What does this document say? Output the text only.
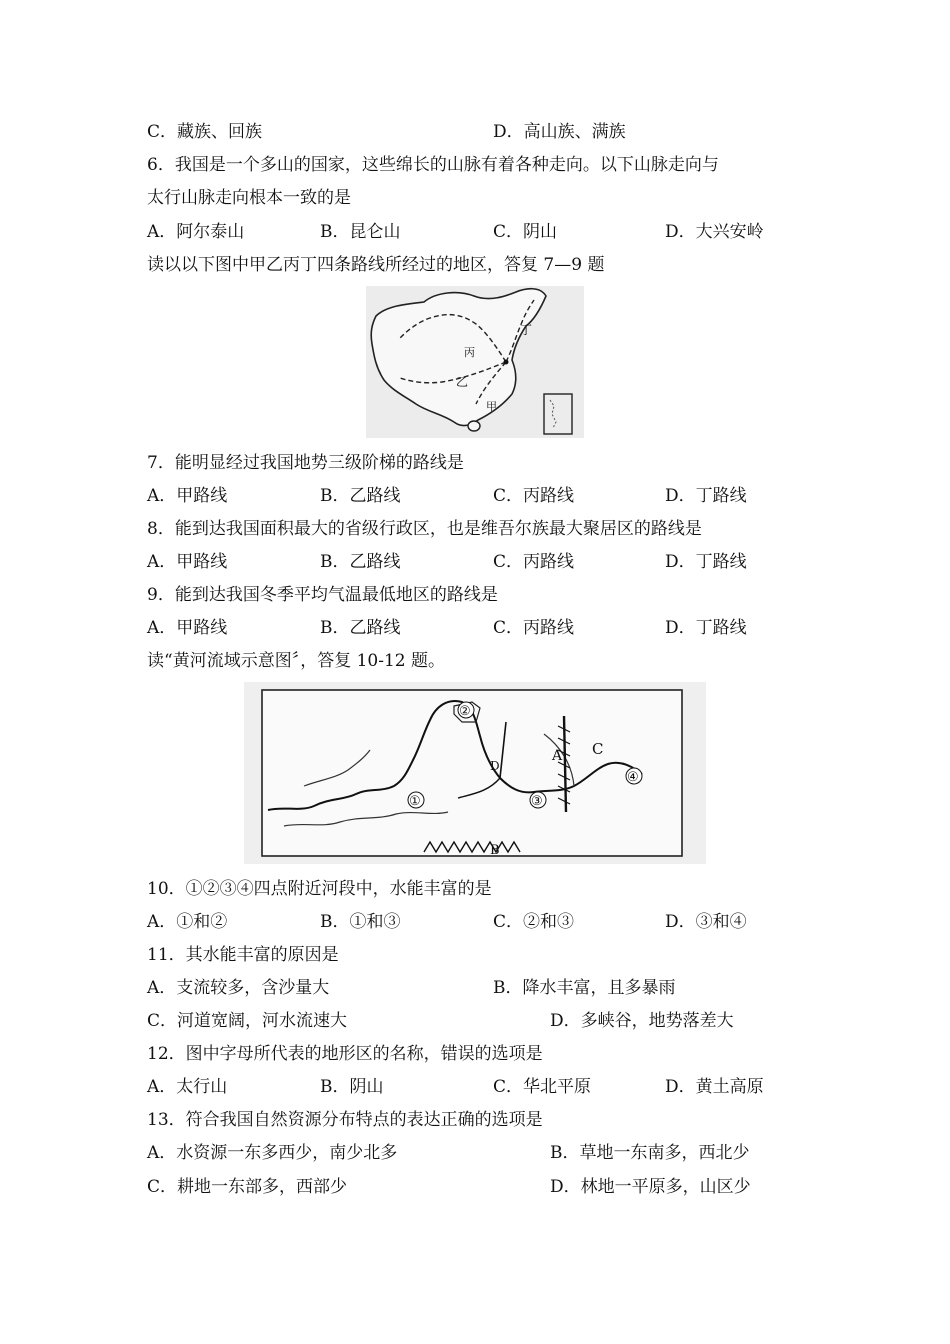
C．藏族、回族	D．高山族、满族
6．我国是一个多山的国家，这些绵长的山脉有着各种走向。以下山脉走向与
太行山脉走向根本一致的是
A．阿尔泰山	B．昆仑山	C．阴山	D．大兴安岭
读以以下图中甲乙丙丁四条路线所经过的地区，答复 7—9 题
丁
丙
乙
甲
7．能明显经过我国地势三级阶梯的路线是
A．甲路线	B．乙路线	C．丙路线	D．丁路线
8．能到达我国面积最大的省级行政区，也是维吾尔族最大聚居区的路线是
A．甲路线	B．乙路线	C．丙路线	D．丁路线
9．能到达我国冬季平均气温最低地区的路线是
A．甲路线	B．乙路线	C．丙路线	D．丁路线
读“黄河流域示意图〞，答复 10-12 题。
②
①	③
④
A
B
C
D
10．①②③④四点附近河段中，水能丰富的是
A．①和②	B．①和③	C．②和③	D．③和④
11．其水能丰富的原因是
A．支流较多，含沙量大	B．降水丰富，且多暴雨
C．河道宽阔，河水流速大	D．多峡谷，地势落差大
12．图中字母所代表的地形区的名称，错误的选项是
A．太行山	B．阴山	C．华北平原	D．黄土高原
13．符合我国自然资源分布特点的表达正确的选项是
A．水资源一东多西少，南少北多	B．草地一东南多，西北少
C．耕地一东部多，西部少	D．林地一平原多，山区少
